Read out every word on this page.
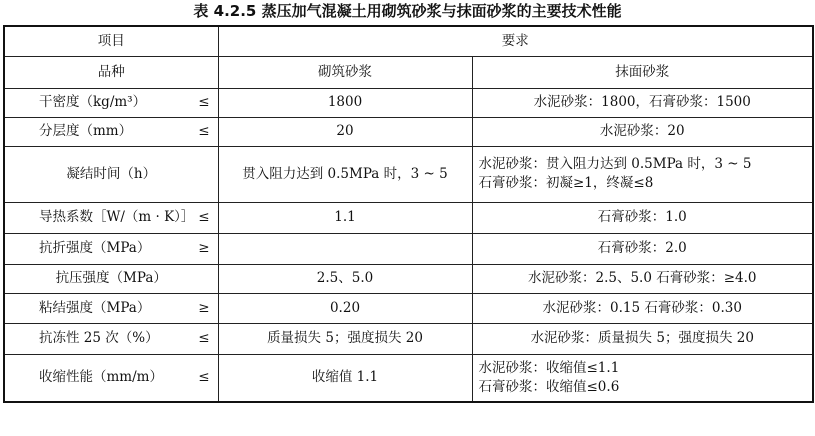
表 4.2.5 蒸压加气混凝土用砌筑砂浆与抹面砂浆的主要技术性能
项目	要求	

品种	砌筑砂浆	抹面砂浆

干密度（kg/m³） ≤	1800	水泥砂浆：1800，石膏砂浆：1500

分层度（mm） ≤	20	水泥砂浆：20

凝结时间（h）	贯入阻力达到 0.5MPa 时，3 ~ 5	水泥砂浆：贯入阻力达到 0.5MPa 时，3 ~ 5
石膏砂浆：初凝≥1，终凝≤8

导热系数［W/（m · K）］ ≤	1.1	石膏砂浆：1.0

抗折强度（MPa） ≥		石膏砂浆：2.0

抗压强度（MPa）	2.5、5.0	水泥砂浆：2.5、5.0 石膏砂浆：≥4.0

粘结强度（MPa） ≥	0.20	水泥砂浆：0.15 石膏砂浆：0.30

抗冻性 25 次（%） ≤	质量损失 5；强度损失 20	水泥砂浆：质量损失 5；强度损失 20

收缩性能（mm/m） ≤	收缩值 1.1	水泥砂浆：收缩值≤1.1
石膏砂浆：收缩值≤0.6
